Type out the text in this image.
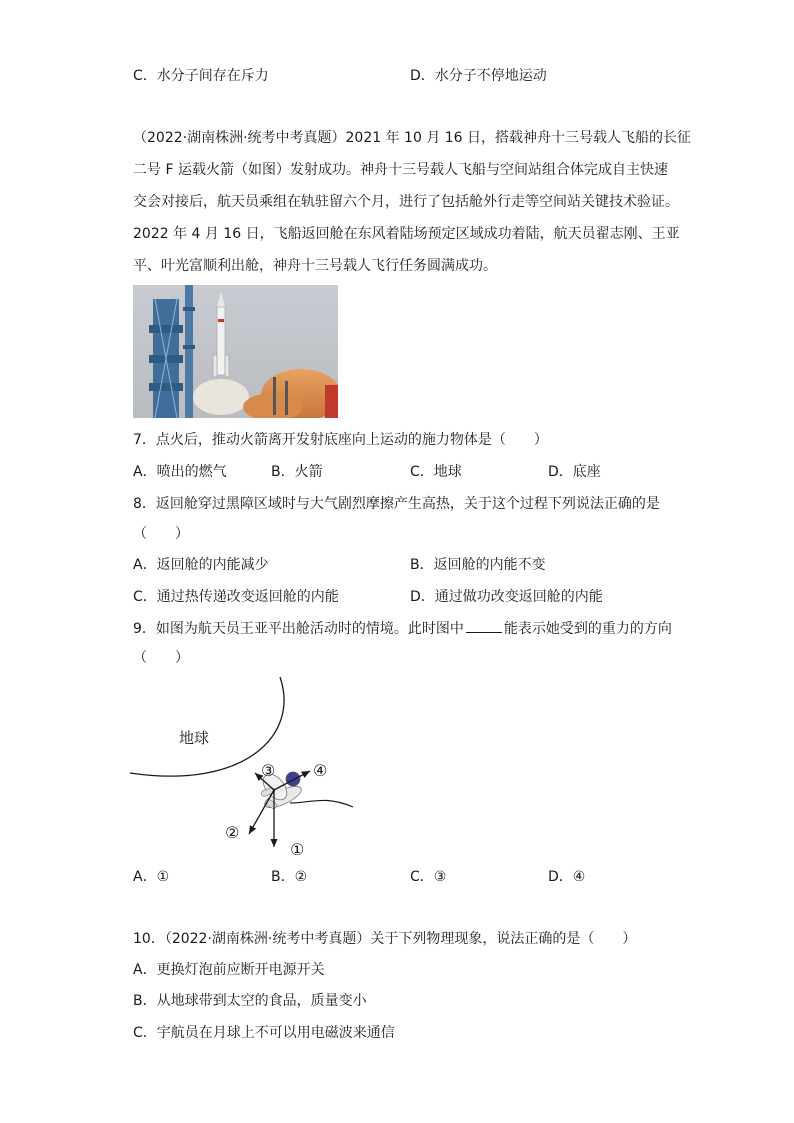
C．水分子间存在斥力	D．水分子不停地运动
（2022·湖南株洲·统考中考真题）2021 年 10 月 16 日，搭载神舟十三号载人飞船的长征
二号 F 运载火箭（如图）发射成功。神舟十三号载人飞船与空间站组合体完成自主快速
交会对接后，航天员乘组在轨驻留六个月，进行了包括舱外行走等空间站关键技术验证。
2022 年 4 月 16 日，飞船返回舱在东风着陆场预定区域成功着陆，航天员翟志刚、王亚
平、叶光富顺利出舱，神舟十三号载人飞行任务圆满成功。
7．点火后，推动火箭离开发射底座向上运动的施力物体是（　　）
A．喷出的燃气	B．火箭	C．地球	D．底座
8．返回舱穿过黑障区域时与大气剧烈摩擦产生高热，关于这个过程下列说法正确的是
（　　）
A．返回舱的内能减少	B．返回舱的内能不变
C．通过热传递改变返回舱的内能	D．通过做功改变返回舱的内能
9．如图为航天员王亚平出舱活动时的情境。此时图中	能表示她受到的重力的方向
（　　）
地球
①
②
③ ④
A．①	B．②	C．③	D．④
10．（2022·湖南株洲·统考中考真题）关于下列物理现象，说法正确的是（　　）
A．更换灯泡前应断开电源开关
B．从地球带到太空的食品，质量变小
C．宇航员在月球上不可以用电磁波来通信
